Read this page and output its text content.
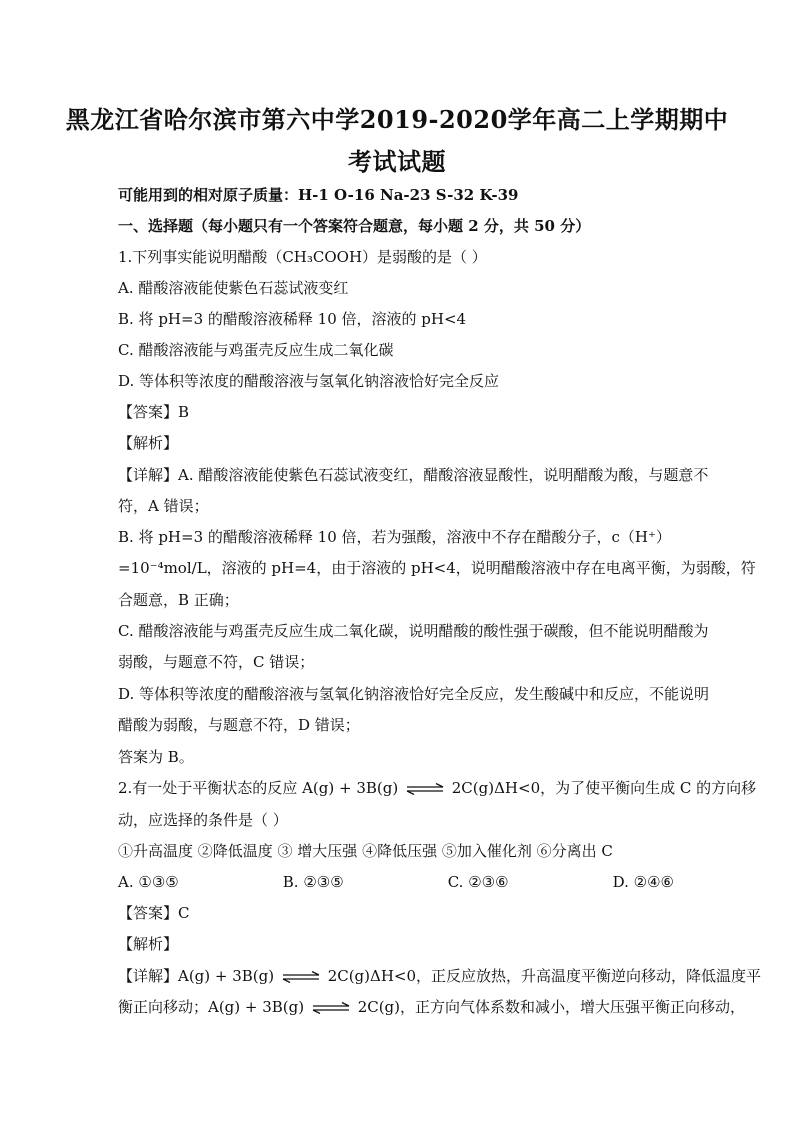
黑龙江省哈尔滨市第六中学2019-2020学年高二上学期期中
考试试题
可能用到的相对原子质量：H-1 O-16 Na-23 S-32 K-39
一、选择题（每小题只有一个答案符合题意，每小题 2 分，共 50 分）
1.下列事实能说明醋酸（CH₃COOH）是弱酸的是（ ）
A. 醋酸溶液能使紫色石蕊试液变红
B. 将 pH=3 的醋酸溶液稀释 10 倍，溶液的 pH<4
C. 醋酸溶液能与鸡蛋壳反应生成二氧化碳
D. 等体积等浓度的醋酸溶液与氢氧化钠溶液恰好完全反应
【答案】B
【解析】
【详解】A. 醋酸溶液能使紫色石蕊试液变红，醋酸溶液显酸性，说明醋酸为酸，与题意不
符，A 错误；
B. 将 pH=3 的醋酸溶液稀释 10 倍，若为强酸，溶液中不存在醋酸分子，c（H⁺）
=10⁻⁴mol/L，溶液的 pH=4，由于溶液的 pH<4，说明醋酸溶液中存在电离平衡，为弱酸，符
合题意，B 正确；
C. 醋酸溶液能与鸡蛋壳反应生成二氧化碳，说明醋酸的酸性强于碳酸，但不能说明醋酸为
弱酸，与题意不符，C 错误；
D. 等体积等浓度的醋酸溶液与氢氧化钠溶液恰好完全反应，发生酸碱中和反应，不能说明
醋酸为弱酸，与题意不符，D 错误；
答案为 B。
2.有一处于平衡状态的反应 A(g) + 3B(g) ⇌ 2C(g)ΔH<0，为了使平衡向生成 C 的方向移
动，应选择的条件是（ ）
①升高温度 ②降低温度 ③ 增大压强 ④降低压强 ⑤加入催化剂 ⑥分离出 C
A. ①③⑤	B. ②③⑤	C. ②③⑥	D. ②④⑥
【答案】C
【解析】
【详解】A(g) + 3B(g) ⇌ 2C(g)ΔH<0，正反应放热，升高温度平衡逆向移动，降低温度平
衡正向移动；A(g) + 3B(g) ⇌ 2C(g)，正方向气体系数和减小，增大压强平衡正向移动，
